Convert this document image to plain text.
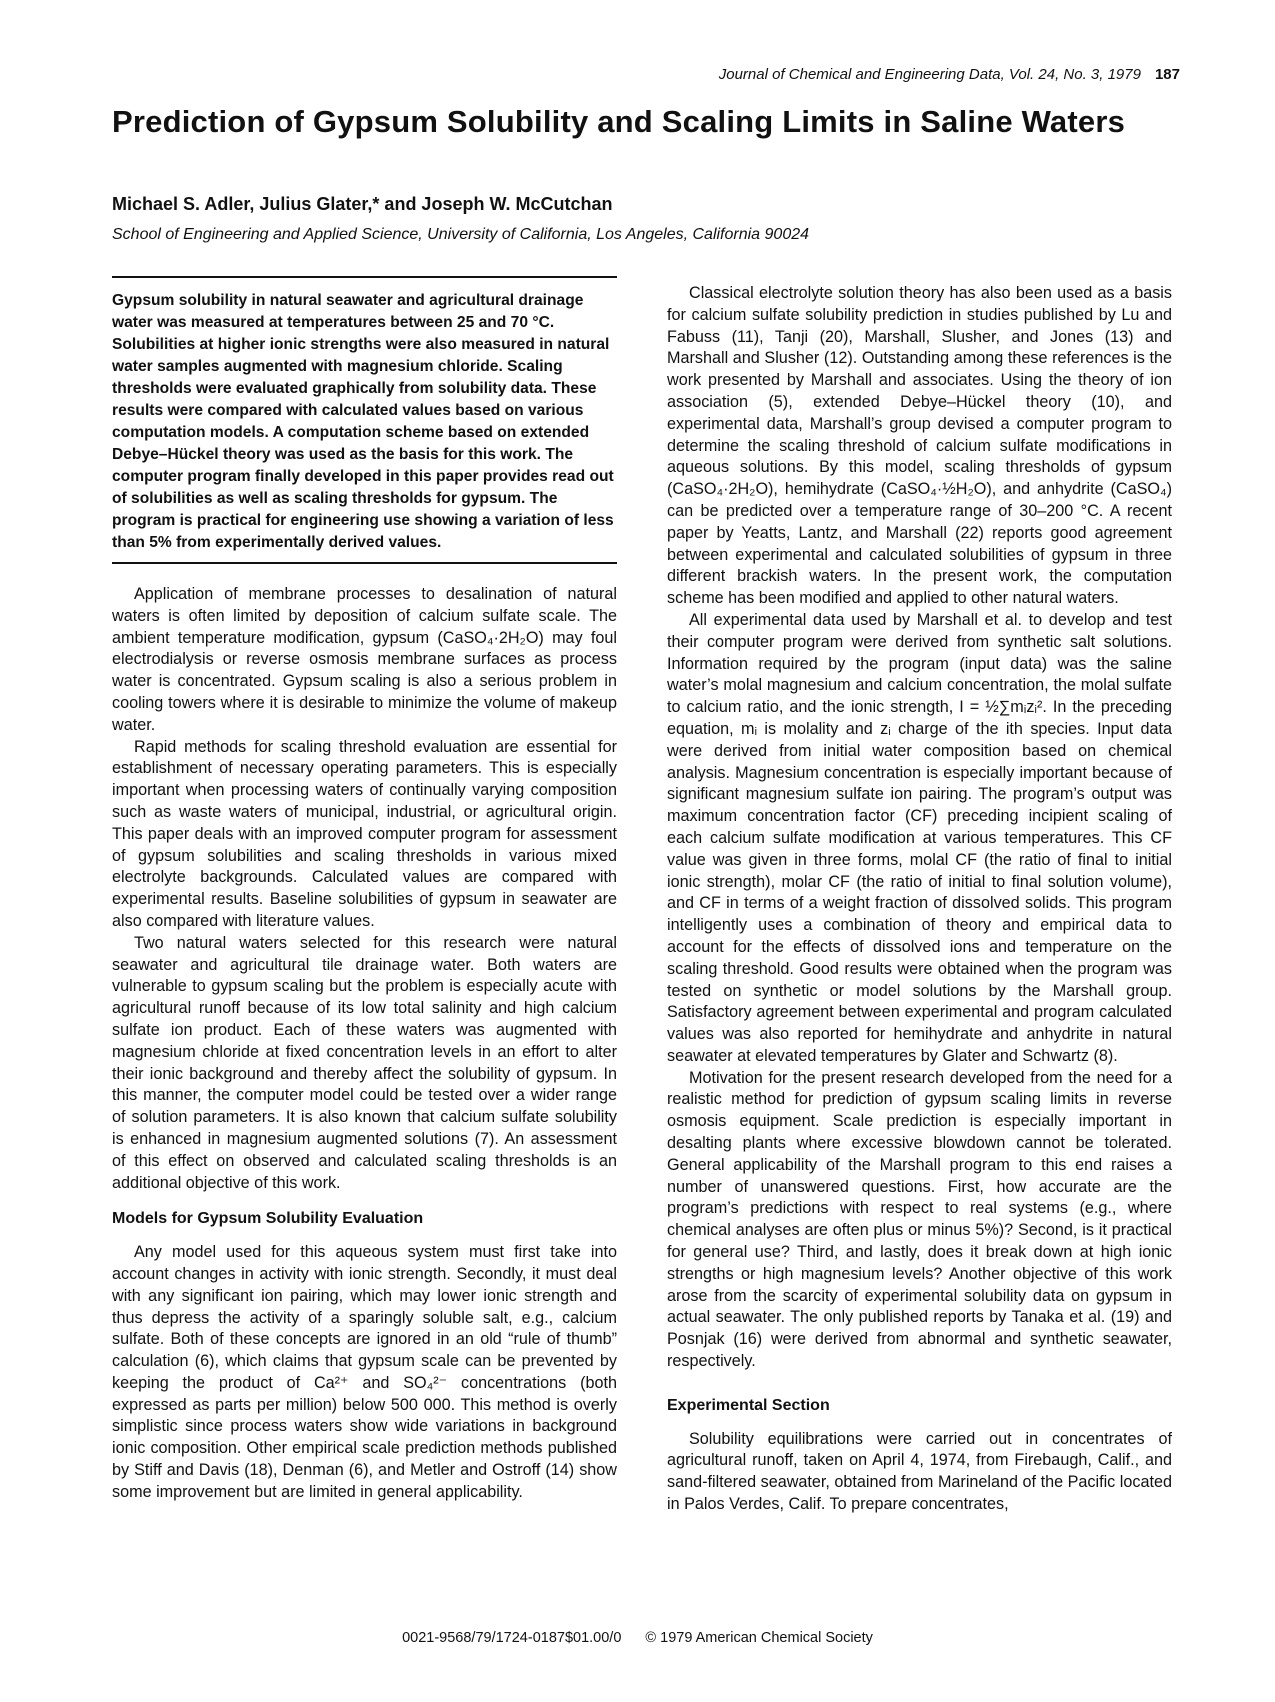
Journal of Chemical and Engineering Data, Vol. 24, No. 3, 1979 187
Prediction of Gypsum Solubility and Scaling Limits in Saline Waters

Michael S. Adler, Julius Glater,* and Joseph W. McCutchan

School of Engineering and Applied Science, University of California, Los Angeles, California 90024

Gypsum solubility in natural seawater and agricultural drainage water was measured at temperatures between 25 and 70 °C. Solubilities at higher ionic strengths were also measured in natural water samples augmented with magnesium chloride. Scaling thresholds were evaluated graphically from solubility data. These results were compared with calculated values based on various computation models. A computation scheme based on extended Debye–Hückel theory was used as the basis for this work. The computer program finally developed in this paper provides read out of solubilities as well as scaling thresholds for gypsum. The program is practical for engineering use showing a variation of less than 5% from experimentally derived values.

Application of membrane processes to desalination of natural waters is often limited by deposition of calcium sulfate scale. The ambient temperature modification, gypsum (CaSO₄·2H₂O) may foul electrodialysis or reverse osmosis membrane surfaces as process water is concentrated. Gypsum scaling is also a serious problem in cooling towers where it is desirable to minimize the volume of makeup water.

Rapid methods for scaling threshold evaluation are essential for establishment of necessary operating parameters. This is especially important when processing waters of continually varying composition such as waste waters of municipal, industrial, or agricultural origin. This paper deals with an improved computer program for assessment of gypsum solubilities and scaling thresholds in various mixed electrolyte backgrounds. Calculated values are compared with experimental results. Baseline solubilities of gypsum in seawater are also compared with literature values.

Two natural waters selected for this research were natural seawater and agricultural tile drainage water. Both waters are vulnerable to gypsum scaling but the problem is especially acute with agricultural runoff because of its low total salinity and high calcium sulfate ion product. Each of these waters was augmented with magnesium chloride at fixed concentration levels in an effort to alter their ionic background and thereby affect the solubility of gypsum. In this manner, the computer model could be tested over a wider range of solution parameters. It is also known that calcium sulfate solubility is enhanced in magnesium augmented solutions (7). An assessment of this effect on observed and calculated scaling thresholds is an additional objective of this work.

Models for Gypsum Solubility Evaluation

Any model used for this aqueous system must first take into account changes in activity with ionic strength. Secondly, it must deal with any significant ion pairing, which may lower ionic strength and thus depress the activity of a sparingly soluble salt, e.g., calcium sulfate. Both of these concepts are ignored in an old “rule of thumb” calculation (6), which claims that gypsum scale can be prevented by keeping the product of Ca²⁺ and SO₄²⁻ concentrations (both expressed as parts per million) below 500 000. This method is overly simplistic since process waters show wide variations in background ionic composition. Other empirical scale prediction methods published by Stiff and Davis (18), Denman (6), and Metler and Ostroff (14) show some improvement but are limited in general applicability.

Classical electrolyte solution theory has also been used as a basis for calcium sulfate solubility prediction in studies published by Lu and Fabuss (11), Tanji (20), Marshall, Slusher, and Jones (13) and Marshall and Slusher (12). Outstanding among these references is the work presented by Marshall and associates. Using the theory of ion association (5), extended Debye–Hückel theory (10), and experimental data, Marshall’s group devised a computer program to determine the scaling threshold of calcium sulfate modifications in aqueous solutions. By this model, scaling thresholds of gypsum (CaSO₄·2H₂O), hemihydrate (CaSO₄·½H₂O), and anhydrite (CaSO₄) can be predicted over a temperature range of 30–200 °C. A recent paper by Yeatts, Lantz, and Marshall (22) reports good agreement between experimental and calculated solubilities of gypsum in three different brackish waters. In the present work, the computation scheme has been modified and applied to other natural waters.

All experimental data used by Marshall et al. to develop and test their computer program were derived from synthetic salt solutions. Information required by the program (input data) was the saline water’s molal magnesium and calcium concentration, the molal sulfate to calcium ratio, and the ionic strength, I = ½∑mᵢzᵢ². In the preceding equation, mᵢ is molality and zᵢ charge of the ith species. Input data were derived from initial water composition based on chemical analysis. Magnesium concentration is especially important because of significant magnesium sulfate ion pairing. The program’s output was maximum concentration factor (CF) preceding incipient scaling of each calcium sulfate modification at various temperatures. This CF value was given in three forms, molal CF (the ratio of final to initial ionic strength), molar CF (the ratio of initial to final solution volume), and CF in terms of a weight fraction of dissolved solids. This program intelligently uses a combination of theory and empirical data to account for the effects of dissolved ions and temperature on the scaling threshold. Good results were obtained when the program was tested on synthetic or model solutions by the Marshall group. Satisfactory agreement between experimental and program calculated values was also reported for hemihydrate and anhydrite in natural seawater at elevated temperatures by Glater and Schwartz (8).

Motivation for the present research developed from the need for a realistic method for prediction of gypsum scaling limits in reverse osmosis equipment. Scale prediction is especially important in desalting plants where excessive blowdown cannot be tolerated. General applicability of the Marshall program to this end raises a number of unanswered questions. First, how accurate are the program’s predictions with respect to real systems (e.g., where chemical analyses are often plus or minus 5%)? Second, is it practical for general use? Third, and lastly, does it break down at high ionic strengths or high magnesium levels? Another objective of this work arose from the scarcity of experimental solubility data on gypsum in actual seawater. The only published reports by Tanaka et al. (19) and Posnjak (16) were derived from abnormal and synthetic seawater, respectively.

Experimental Section

Solubility equilibrations were carried out in concentrates of agricultural runoff, taken on April 4, 1974, from Firebaugh, Calif., and sand-filtered seawater, obtained from Marineland of the Pacific located in Palos Verdes, Calif. To prepare concentrates,

0021-9568/79/1724-0187$01.00/0 © 1979 American Chemical Society
